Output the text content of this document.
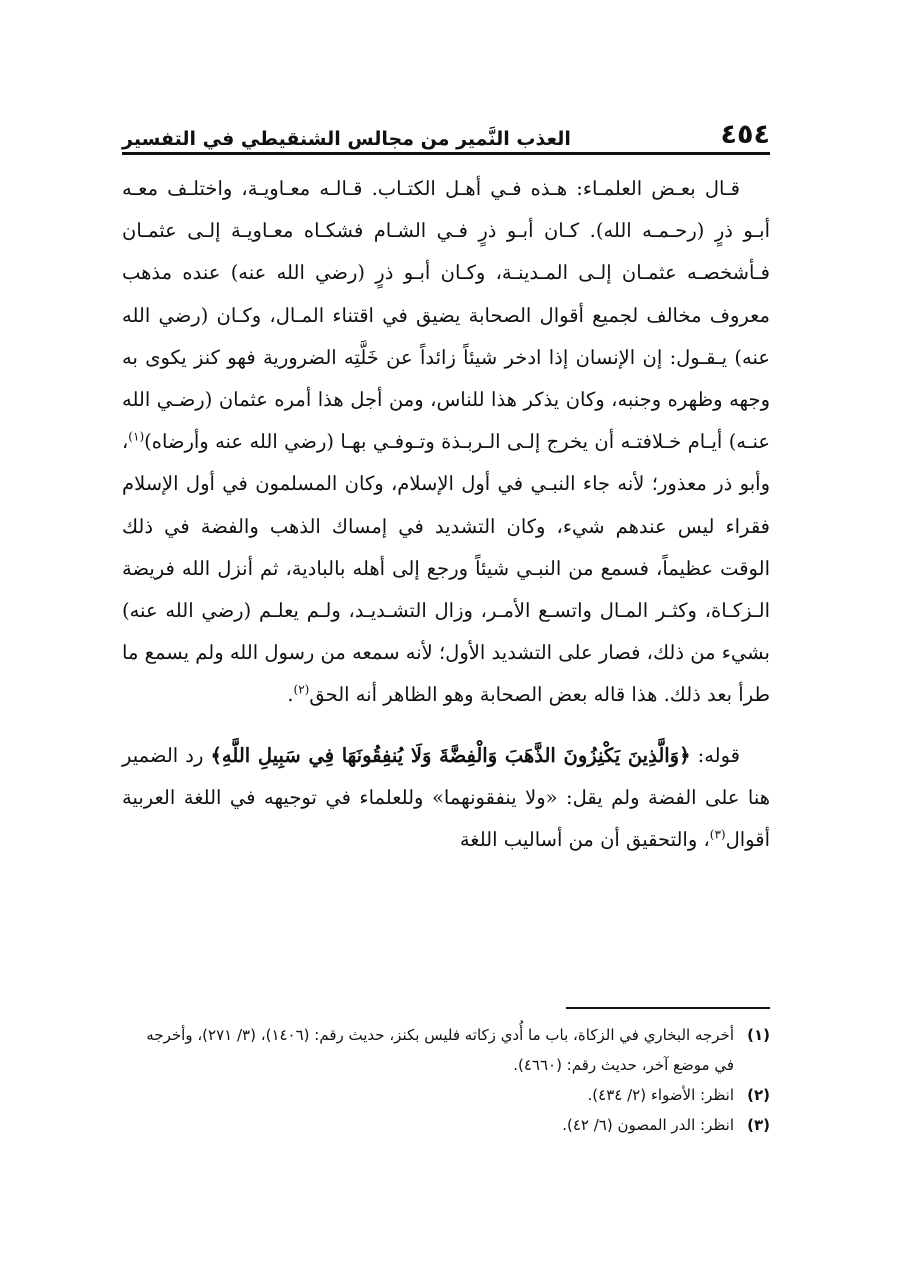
العذب النَّمير من مجالس الشنقيطي في التفسير	٤٥٤

قـال بعـض العلمـاء: هـذه فـي أهـل الكتـاب. قـالـه معـاويـة، واختلـف معـه أبـو ذرٍ (رحـمـه الله). كـان أبـو ذرٍ فـي الشـام فشكـاه معـاويـة إلـى عثمـان فـأشخصـه عثمـان إلـى المـدينـة، وكـان أبـو ذرٍ (رضي الله عنه) عنده مذهب معروف مخالف لجميع أقوال الصحابة يضيق في اقتناء المـال، وكـان (رضي الله عنه) يـقـول: إن الإنسان إذا ادخر شيئاً زائداً عن خَلَّتِه الضرورية فهو كنز يكوى به وجهه وظهره وجنبه، وكان يذكر هذا للناس، ومن أجل هذا أمره عثمان (رضـي الله عنـه) أيـام خـلافتـه أن يخرج إلـى الـربـذة وتـوفـي بهـا (رضي الله عنه وأرضاه)$^{(١)}$، وأبو ذر معذور؛ لأنه جاء النبـي في أول الإسلام، وكان المسلمون في أول الإسلام فقراء ليس عندهم شيء، وكان التشديد في إمساك الذهب والفضة في ذلك الوقت عظيماً، فسمع من النبـي شيئاً ورجع إلى أهله بالبادية، ثم أنزل الله فريضة الـزكـاة، وكثـر المـال واتسـع الأمـر، وزال التشـديـد، ولـم يعلـم (رضي الله عنه) بشيء من ذلك، فصار على التشديد الأول؛ لأنه سمعه من رسول الله ولم يسمع ما طرأ بعد ذلك. هذا قاله بعض الصحابة وهو الظاهر أنه الحق$^{(٢)}$.

قوله: ﴿وَالَّذِينَ يَكْنِزُونَ الذَّهَبَ وَالْفِضَّةَ وَلَا يُنفِقُونَهَا فِي سَبِيلِ اللَّهِ﴾ رد الضمير هنا على الفضة ولم يقل: «ولا ينفقونهما» وللعلماء في توجيهه في اللغة العربية أقوال$^{(٣)}$، والتحقيق أن من أساليب اللغة

(١)
أخرجه البخاري في الزكاة، باب ما أُدي زكاته فليس بكنز، حديث رقم: (١٤٠٦)، (٣/ ٢٧١)، وأخرجه في موضع آخر، حديث رقم: (٤٦٦٠).

(٢)
انظر: الأضواء (٢/ ٤٣٤).

(٣)
انظر: الدر المصون (٦/ ٤٢).
